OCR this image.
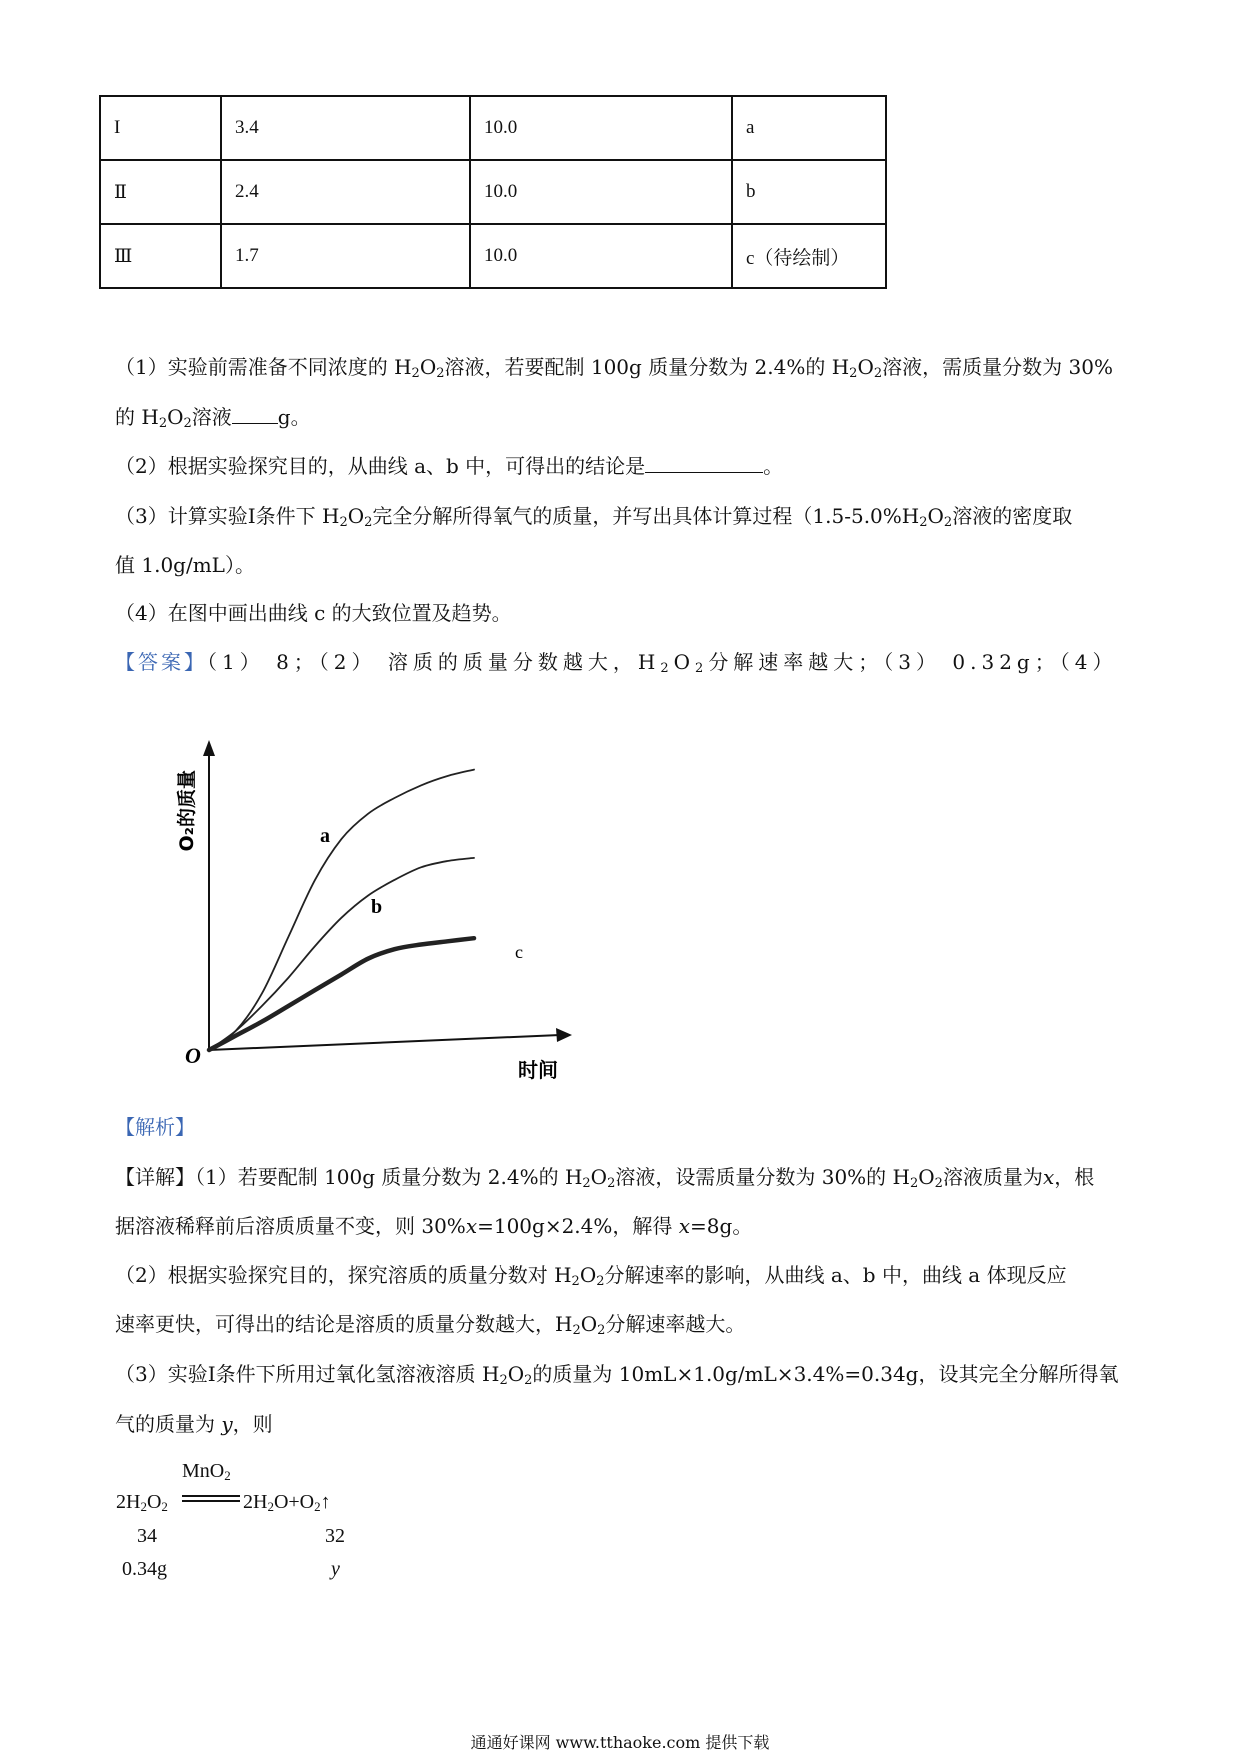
I	3.4	10.0	a
Ⅱ	2.4	10.0	b
Ⅲ	1.7	10.0	c（待绘制）
（1）实验前需准备不同浓度的 $H_2O_2$溶液，若要配制 100g 质量分数为 2.4%的 $H_2O_2$溶液，需质量分数为 30%
的 $H_2O_2$溶液 g。
（2）根据实验探究目的，从曲线 a、b 中，可得出的结论是	。
（3）计算实验I条件下 $H_2O_2$完全分解所得氧气的质量，并写出具体计算过程（$1.5-5.0\%H_2O_2$溶液的密度取
值 1.0g/mL）。
（4）在图中画出曲线 c 的大致位置及趋势。
【答案】（1） 8；（2） 溶质的质量分数越大，$H_2O_2$分解速率越大；（3） 0.32g；（4）
O
O₂的质量
时间
a
b
c
【解析】
【详解】（1）若要配制 100g 质量分数为 2.4%的 $H_2O_2$溶液，设需质量分数为 30%的 $H_2O_2$溶液质量为x，根
据溶液稀释前后溶质质量不变，则 30%x=100g×2.4%，解得 x=8g。
（2）根据实验探究目的，探究溶质的质量分数对 $H_2O_2$分解速率的影响，从曲线 a、b 中，曲线 a 体现反应
速率更快，可得出的结论是溶质的质量分数越大，$H_2O_2$分解速率越大。
（3）实验I条件下所用过氧化氢溶液溶质 $H_2O_2$的质量为 10mL×1.0g/mL×3.4%=0.34g，设其完全分解所得氧
气的质量为 y，则
MnO$_2$
$2H_2O_2$	$2H_2O+O_2↑$
34	32
0.34g	y
通通好课网 www.tthaoke.com 提供下载
